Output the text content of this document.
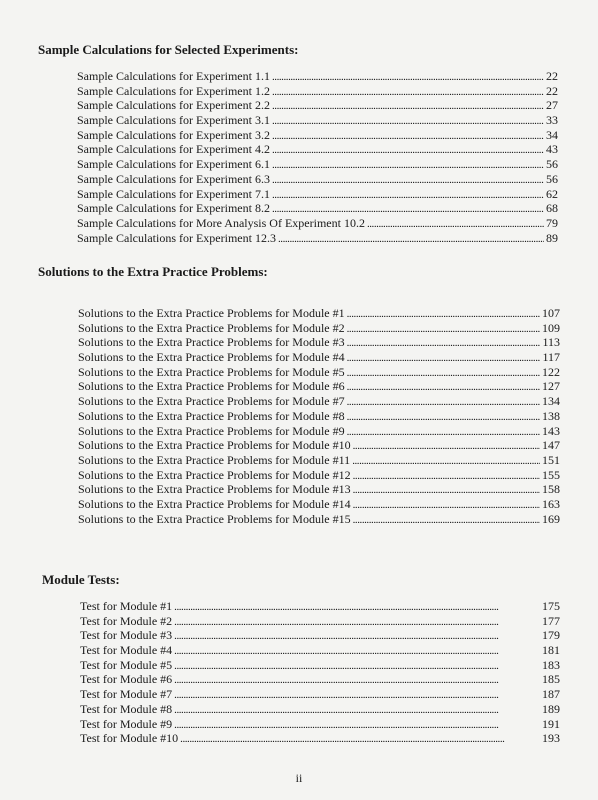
Sample Calculations for Selected Experiments:
Sample Calculations for Experiment 1.1 . . .	22
Sample Calculations for Experiment 1.2 . . .	22
Sample Calculations for Experiment 2.2 . . .	27
Sample Calculations for Experiment 3.1 . . .	33
Sample Calculations for Experiment 3.2 . . .	34
Sample Calculations for Experiment 4.2 . . .	43
Sample Calculations for Experiment 6.1 . . .	56
Sample Calculations for Experiment 6.3 . . .	56
Sample Calculations for Experiment 7.1 . . .	62
Sample Calculations for Experiment 8.2 . . .	68
Sample Calculations for More Analysis Of Experiment 10.2 . . .	79
Sample Calculations for Experiment 12.3 . . .	89
Solutions to the Extra Practice Problems:
Solutions to the Extra Practice Problems for Module #1 . . .	107
Solutions to the Extra Practice Problems for Module #2 . . .	109
Solutions to the Extra Practice Problems for Module #3 . . .	113
Solutions to the Extra Practice Problems for Module #4 . . .	117
Solutions to the Extra Practice Problems for Module #5 . . .	122
Solutions to the Extra Practice Problems for Module #6 . . .	127
Solutions to the Extra Practice Problems for Module #7 . . .	134
Solutions to the Extra Practice Problems for Module #8 . . .	138
Solutions to the Extra Practice Problems for Module #9 . . .	143
Solutions to the Extra Practice Problems for Module #10 . . .	147
Solutions to the Extra Practice Problems for Module #11 . . .	151
Solutions to the Extra Practice Problems for Module #12 . . .	155
Solutions to the Extra Practice Problems for Module #13 . . .	158
Solutions to the Extra Practice Problems for Module #14 . . .	163
Solutions to the Extra Practice Problems for Module #15 . . .	169
Module Tests:
Test for Module #1 . . .	175
Test for Module #2 . . .	177
Test for Module #3 . . .	179
Test for Module #4 . . .	181
Test for Module #5 . . .	183
Test for Module #6 . . .	185
Test for Module #7 . . .	187
Test for Module #8 . . .	189
Test for Module #9 . . .	191
Test for Module #10 . . .	193
ii
